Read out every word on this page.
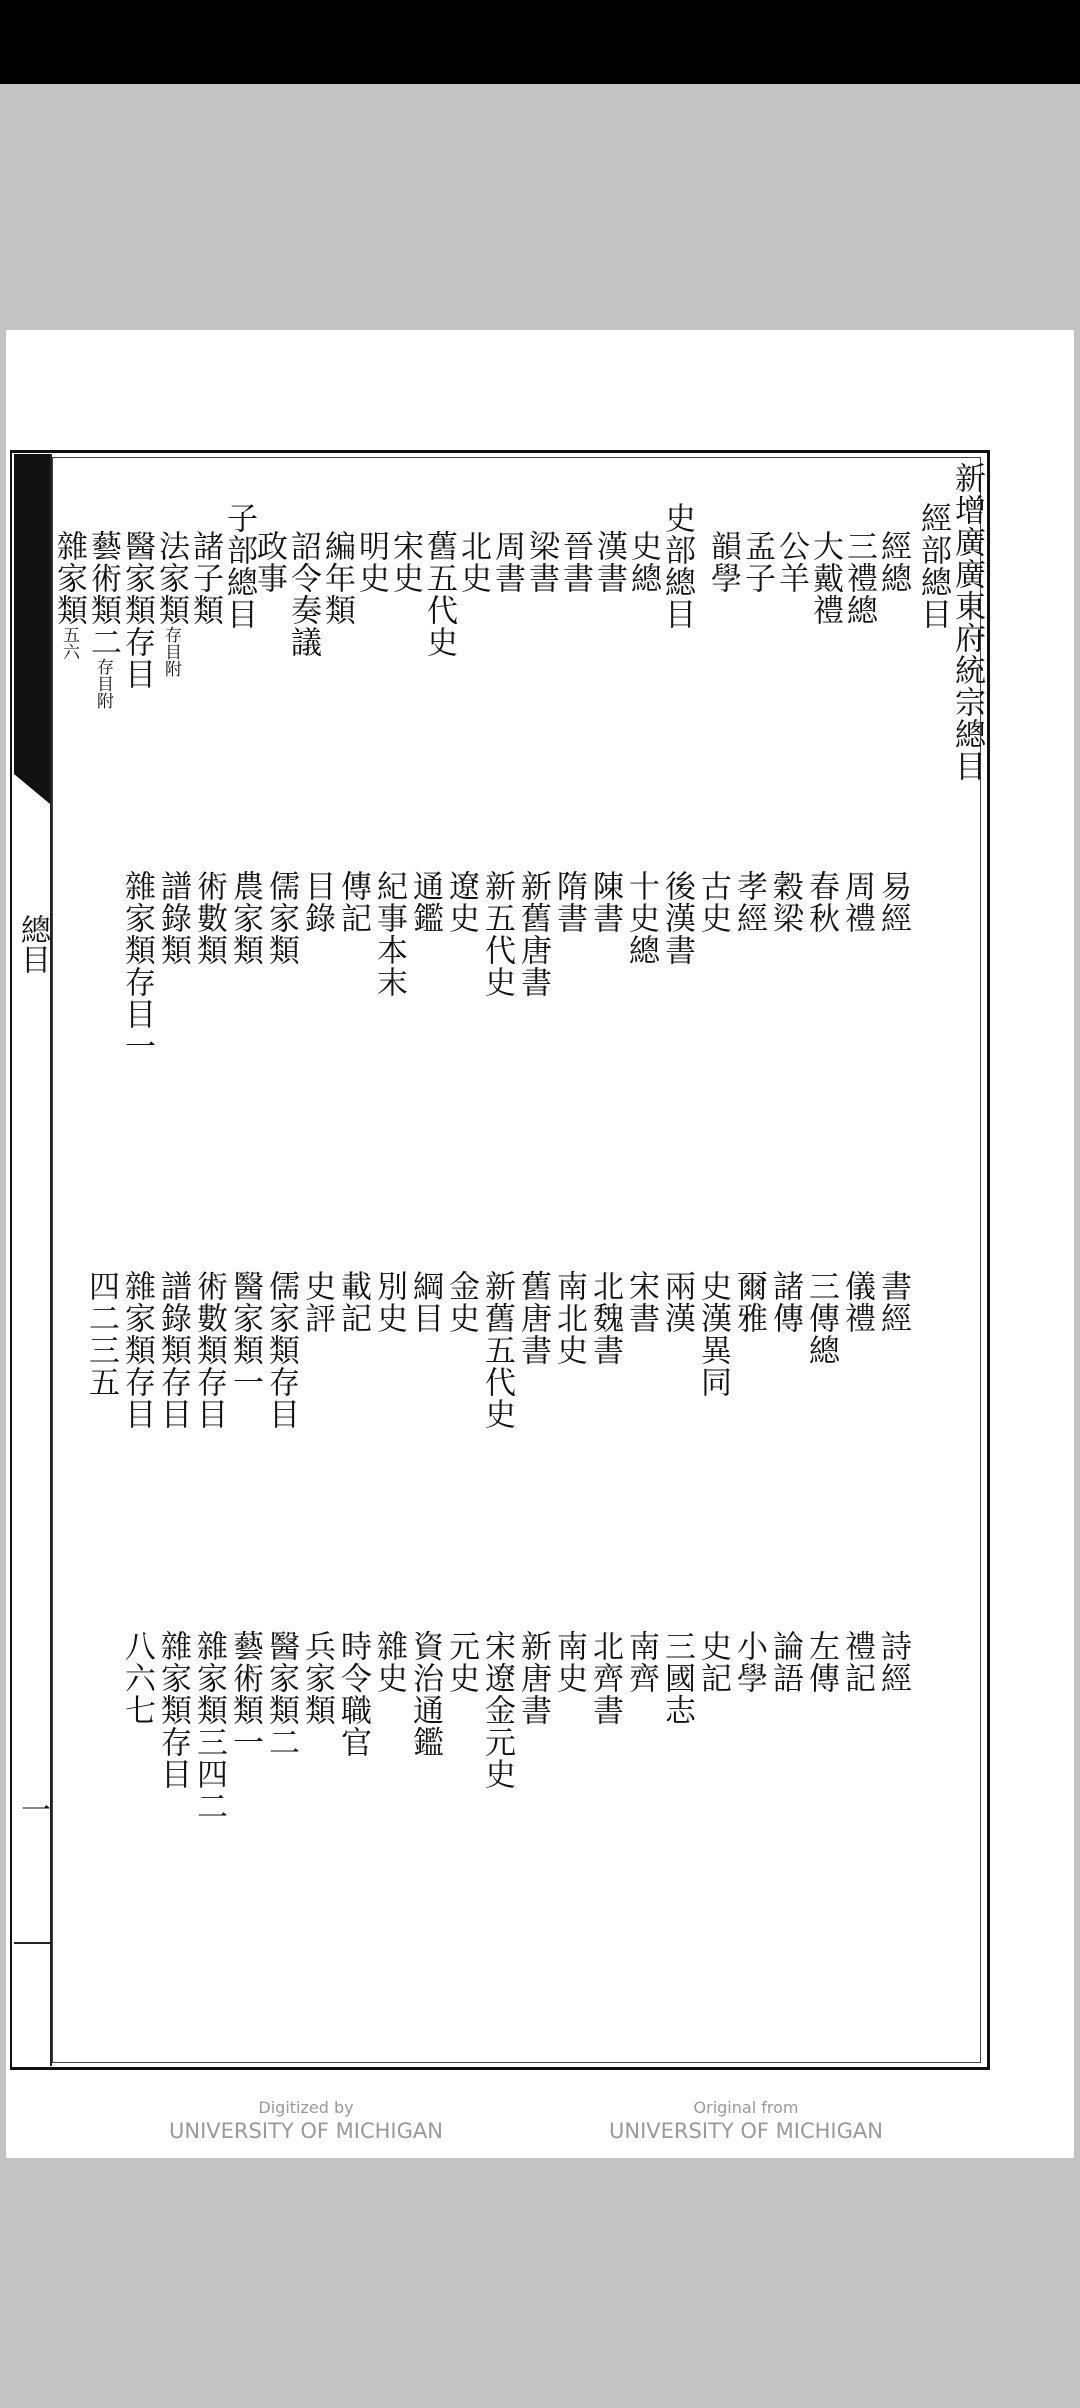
總目
一
新增廣廣東府統宗總目
經部總目
經總
三禮總
大戴禮
公羊
孟子
韻學
史部總目
史總
漢書
晉書
梁書
周書
北史
舊五代史
宋史
明史
編年類
詔令奏議
政事
子部總目
諸子類
法家類存目附
醫家類存目
藝術類二存目附
雜家類五六
Digitized by
UNIVERSITY OF MICHIGAN
Original from
UNIVERSITY OF MICHIGAN
易經
周禮
春秋
穀梁
孝經
古史
後漢書
十史總
陳書
隋書
新舊唐書
新五代史
遼史
通鑑
紀事本末
傳記
目錄
儒家類
農家類
術數類
譜錄類
雜家類存目一
書經
儀禮
三傳總
諸傳
爾雅
史漢異同
兩漢
宋書
北魏書
南北史
舊唐書
新舊五代史
金史
綱目
別史
載記
史評
儒家類存目
醫家類一
術數類存目
譜錄類存目
雜家類存目
四二三五
詩經
禮記
左傳
論語
小學
史記
三國志
南齊
北齊書
南史
新唐書
宋遼金元史
元史
資治通鑑
雜史
時令職官
兵家類
醫家類二
藝術類一
雜家類三四二
雜家類存目
八六七
